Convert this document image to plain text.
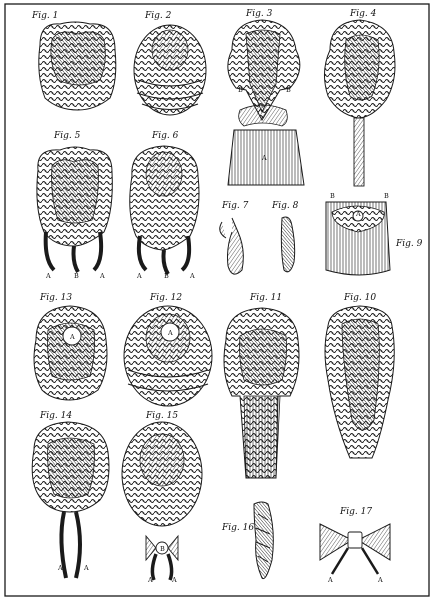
Fig. 1	Fig. 2	Fig. 3
B	B
A
Fig. 4
Fig. 5
A	B	A
Fig. 6
A	B	A
Fig. 7	Fig. 8
Fig. 9
B
A
B
Fig. 13
A
Fig. 12
A
Fig. 11	Fig. 10
Fig. 14
A	A
Fig. 15
B
A	A
Fig. 16
Fig. 17
A	A
